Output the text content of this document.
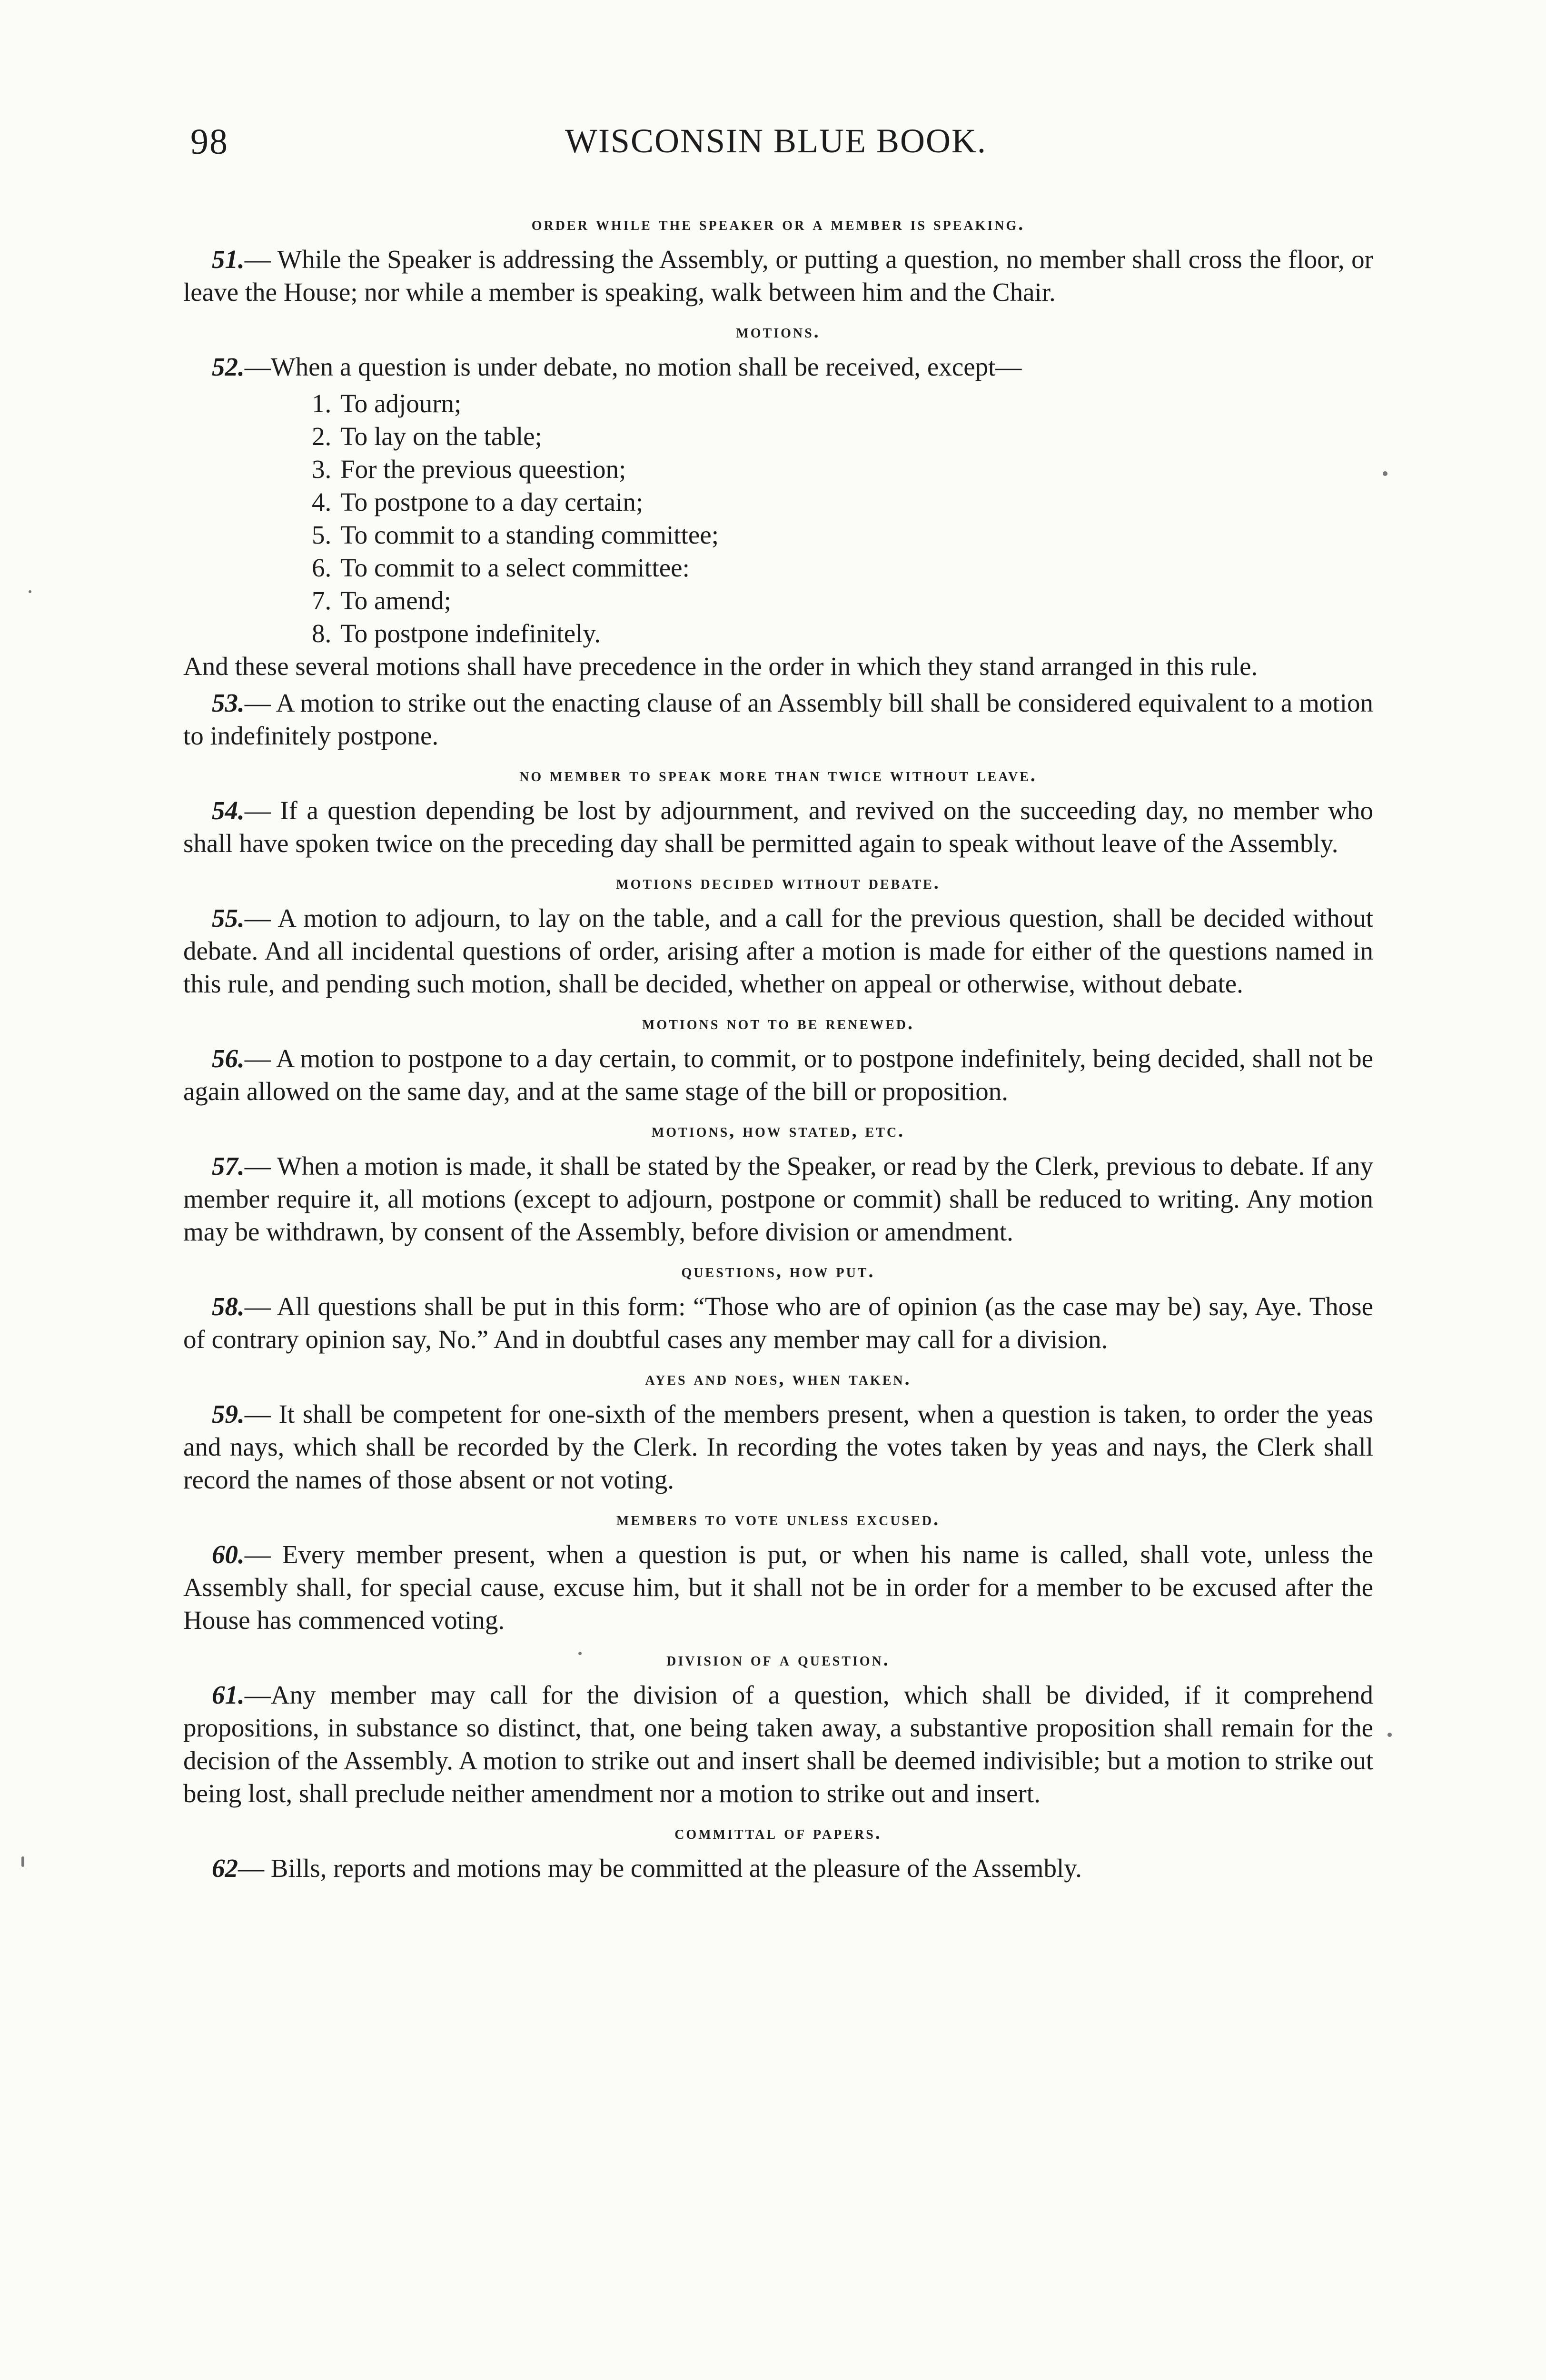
98	WISCONSIN BLUE BOOK.
order while the speaker or a member is speaking.

51.— While the Speaker is addressing the Assembly, or putting a question, no member shall cross the floor, or leave the House; nor while a member is speaking, walk between him and the Chair.

motions.

52.—When a question is under debate, no motion shall be received, except—

1. To adjourn;
2. To lay on the table;
3. For the previous queestion;
4. To postpone to a day certain;
5. To commit to a standing committee;
6. To commit to a select committee:
7. To amend;
8. To postpone indefinitely.

And these several motions shall have precedence in the order in which they stand arranged in this rule.

53.— A motion to strike out the enacting clause of an Assembly bill shall be considered equivalent to a motion to indefinitely postpone.

no member to speak more than twice without leave.

54.— If a question depending be lost by adjournment, and revived on the succeeding day, no member who shall have spoken twice on the preceding day shall be permitted again to speak without leave of the Assembly.

motions decided without debate.

55.— A motion to adjourn, to lay on the table, and a call for the previous question, shall be decided without debate. And all incidental questions of order, arising after a motion is made for either of the questions named in this rule, and pending such motion, shall be decided, whether on appeal or otherwise, without debate.

motions not to be renewed.

56.— A motion to postpone to a day certain, to commit, or to postpone indefinitely, being decided, shall not be again allowed on the same day, and at the same stage of the bill or proposition.

motions, how stated, etc.

57.— When a motion is made, it shall be stated by the Speaker, or read by the Clerk, previous to debate. If any member require it, all motions (except to adjourn, postpone or commit) shall be reduced to writing. Any motion may be withdrawn, by consent of the Assembly, before division or amendment.

questions, how put.

58.— All questions shall be put in this form: “Those who are of opinion (as the case may be) say, Aye. Those of contrary opinion say, No.” And in doubtful cases any member may call for a division.

ayes and noes, when taken.

59.— It shall be competent for one-sixth of the members present, when a question is taken, to order the yeas and nays, which shall be recorded by the Clerk. In recording the votes taken by yeas and nays, the Clerk shall record the names of those absent or not voting.

members to vote unless excused.

60.— Every member present, when a question is put, or when his name is called, shall vote, unless the Assembly shall, for special cause, excuse him, but it shall not be in order for a member to be excused after the House has commenced voting.

division of a question.

61.—Any member may call for the division of a question, which shall be divided, if it comprehend propositions, in substance so distinct, that, one being taken away, a substantive proposition shall remain for the decision of the Assembly. A motion to strike out and insert shall be deemed indivisible; but a motion to strike out being lost, shall preclude neither amendment nor a motion to strike out and insert.

committal of papers.

62— Bills, reports and motions may be committed at the pleasure of the Assembly.
